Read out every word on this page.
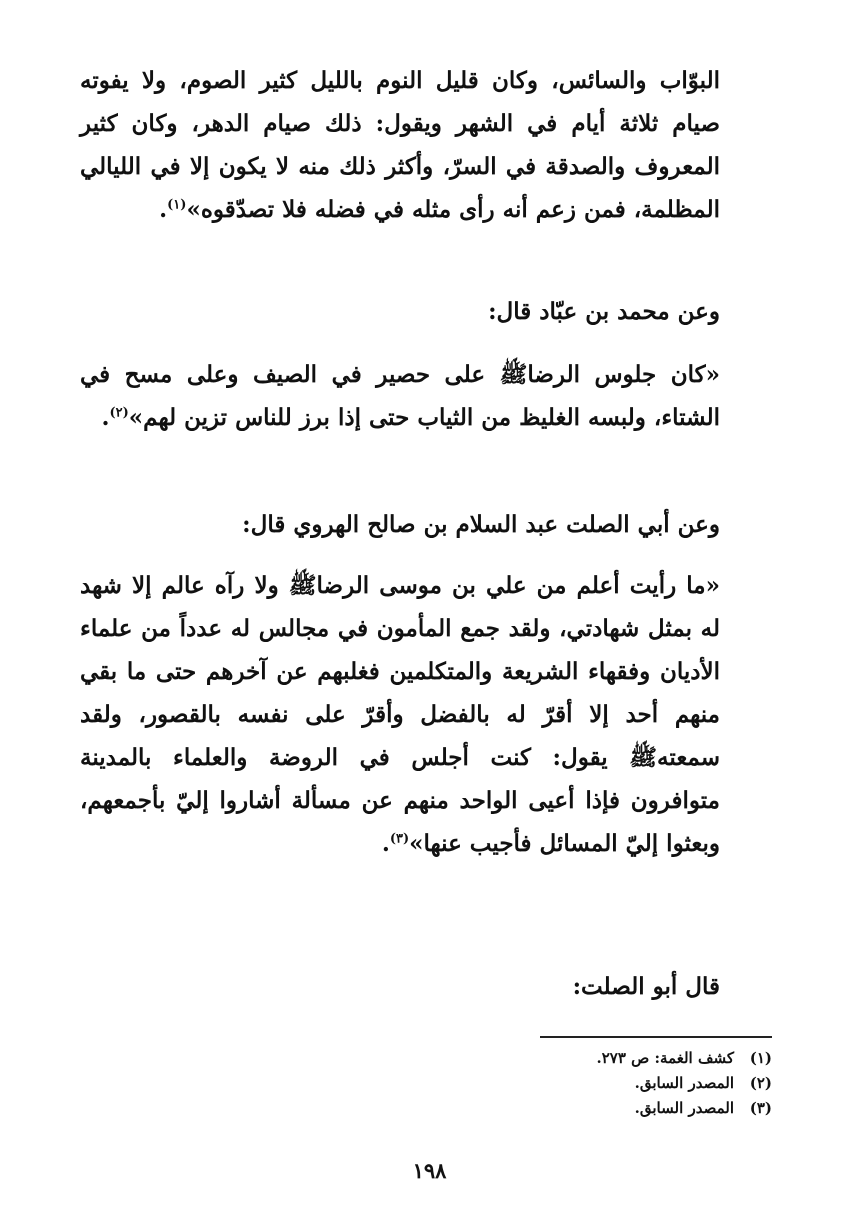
البوّاب والسائس، وكان قليل النوم بالليل كثير الصوم، ولا يفوته صيام ثلاثة أيام في الشهر ويقول: ذلك صيام الدهر، وكان كثير المعروف والصدقة في السرّ، وأكثر ذلك منه لا يكون إلا في الليالي المظلمة، فمن زعم أنه رأى مثله في فضله فلا تصدّقوه»$^{(١)}$.

وعن محمد بن عبّاد قال:

«كان جلوس الرضاﷺ على حصير في الصيف وعلى مسح في الشتاء، ولبسه الغليظ من الثياب حتى إذا برز للناس تزين لهم»$^{(٢)}$.

وعن أبي الصلت عبد السلام بن صالح الهروي قال:

«ما رأيت أعلم من علي بن موسى الرضاﷺ ولا رآه عالم إلا شهد له بمثل شهادتي، ولقد جمع المأمون في مجالس له عدداً من علماء الأديان وفقهاء الشريعة والمتكلمين فغلبهم عن آخرهم حتى ما بقي منهم أحد إلا أقرّ له بالفضل وأقرّ على نفسه بالقصور، ولقد سمعتهﷺ يقول: كنت أجلس في الروضة والعلماء بالمدينة متوافرون فإذا أعيى الواحد منهم عن مسألة أشاروا إليّ بأجمعهم، وبعثوا إليّ المسائل فأجيب عنها»$^{(٣)}$.

قال أبو الصلت:

(١)كشف الغمة: ص ٢٧٣.
(٢)المصدر السابق.
(٣)المصدر السابق.
١٩٨
